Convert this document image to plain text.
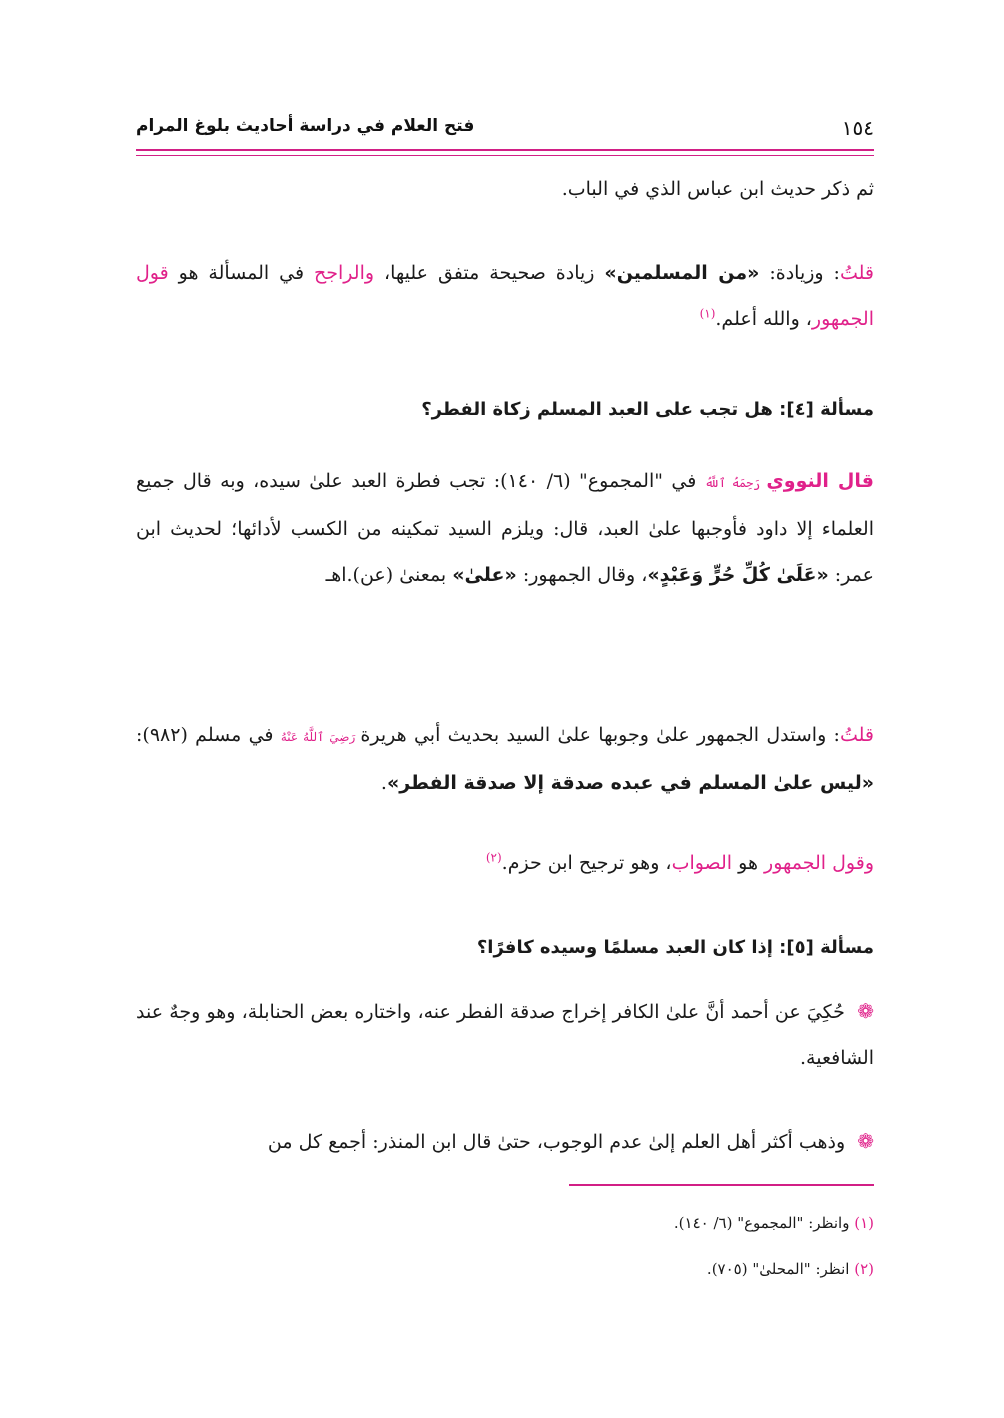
١٥٤
فتح العلام في دراسة أحاديث بلوغ المرام

ثم ذكر حديث ابن عباس الذي في الباب.

قلتُ: وزيادة: «من المسلمين» زيادة صحيحة متفق عليها، والراجح في المسألة هو قول الجمهور، والله أعلم.$^{(١)}$

مسألة [٤]: هل تجب على العبد المسلم زكاة الفطر؟

قال النووي رَحِمَهُ ٱللَّهُ في "المجموع" (٦/ ١٤٠): تجب فطرة العبد علىٰ سيده، وبه قال جميع العلماء إلا داود فأوجبها علىٰ العبد، قال: ويلزم السيد تمكينه من الكسب لأدائها؛ لحديث ابن عمر: «عَلَىٰ كُلِّ حُرٍّ وَعَبْدٍ»، وقال الجمهور: «علىٰ» بمعنىٰ (عن).اهـ

قلتُ: واستدل الجمهور علىٰ وجوبها علىٰ السيد بحديث أبي هريرة رَضِيَ ٱللَّهُ عَنْهُ في مسلم (٩٨٢): «ليس علىٰ المسلم في عبده صدقة إلا صدقة الفطر».

وقول الجمهور هو الصواب، وهو ترجيح ابن حزم.$^{(٢)}$

مسألة [٥]: إذا كان العبد مسلمًا وسيده كافرًا؟

❁  حُكِيَ عن أحمد أنَّ علىٰ الكافر إخراج صدقة الفطر عنه، واختاره بعض الحنابلة، وهو وجهٌ عند الشافعية.

❁  وذهب أكثر أهل العلم إلىٰ عدم الوجوب، حتىٰ قال ابن المنذر: أجمع كل من

(١) وانظر: "المجموع" (٦/ ١٤٠).
(٢) انظر: "المحلىٰ" (٧٠٥).
